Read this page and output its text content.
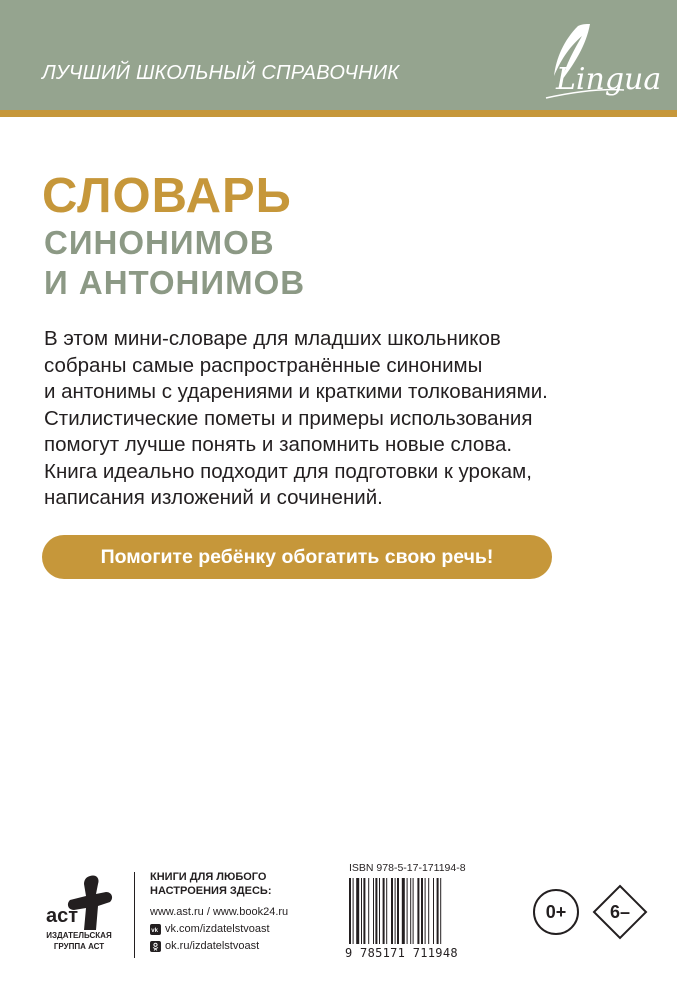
ЛУЧШИЙ ШКОЛЬНЫЙ СПРАВОЧНИК	Lingua
СЛОВАРЬ
СИНОНИМОВ
И АНТОНИМОВ
В этом мини-словаре для младших школьников
собраны самые распространённые синонимы
и антонимы с ударениями и краткими толкованиями.
Стилистические пометы и примеры использования
помогут лучше понять и запомнить новые слова.
Книга идеально подходит для подготовки к урокам,
написания изложений и сочинений.
Помогите ребёнку обогатить свою речь!
аст
ИЗДАТЕЛЬСКАЯ
ГРУППА АСТ
КНИГИ ДЛЯ ЛЮБОГО
НАСТРОЕНИЯ ЗДЕСЬ:
www.ast.ru / www.book24.ru
vk vk.com/izdatelstvoast
ok.ru/izdatelstvoast
ISBN 978-5-17-171194-8
9 785171 711948
0+	6–
